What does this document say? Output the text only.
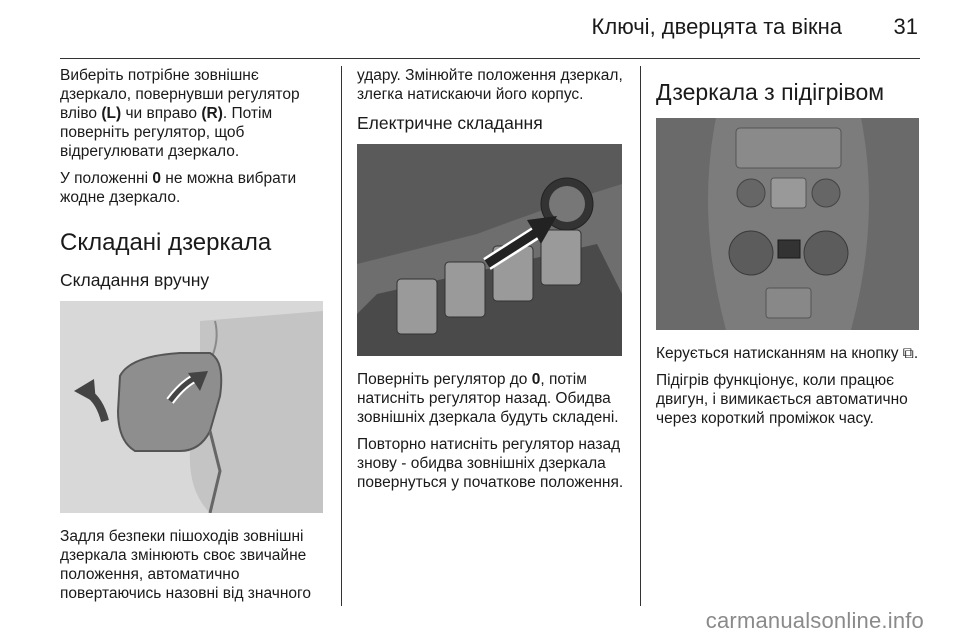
Ключі, дверцята та вікна 31

Виберіть потрібне зовнішнє дзеркало, повернувши регулятор вліво (L) чи вправо (R). Потім поверніть регулятор, щоб відрегулювати дзеркало.

У положенні 0 не можна вибрати жодне дзеркало.

Складані дзеркала
Складання вручну

Задля безпеки пішоходів зовнішні дзеркала змінюють своє звичайне положення, автоматично повертаючись назовні від значного

удару. Змінюйте положення дзеркал, злегка натискаючи його корпус.

Електричне складання

Поверніть регулятор до 0, потім натисніть регулятор назад. Обидва зовнішніх дзеркала будуть складені.

Повторно натисніть регулятор назад знову - обидва зовнішніх дзеркала повернуться у початкове положення.

Дзеркала з підігрівом

Керується натисканням на кнопку ⧉.

Підігрів функціонує, коли працює двигун, і вимикається автоматично через короткий проміжок часу.

carmanualsonline.info
